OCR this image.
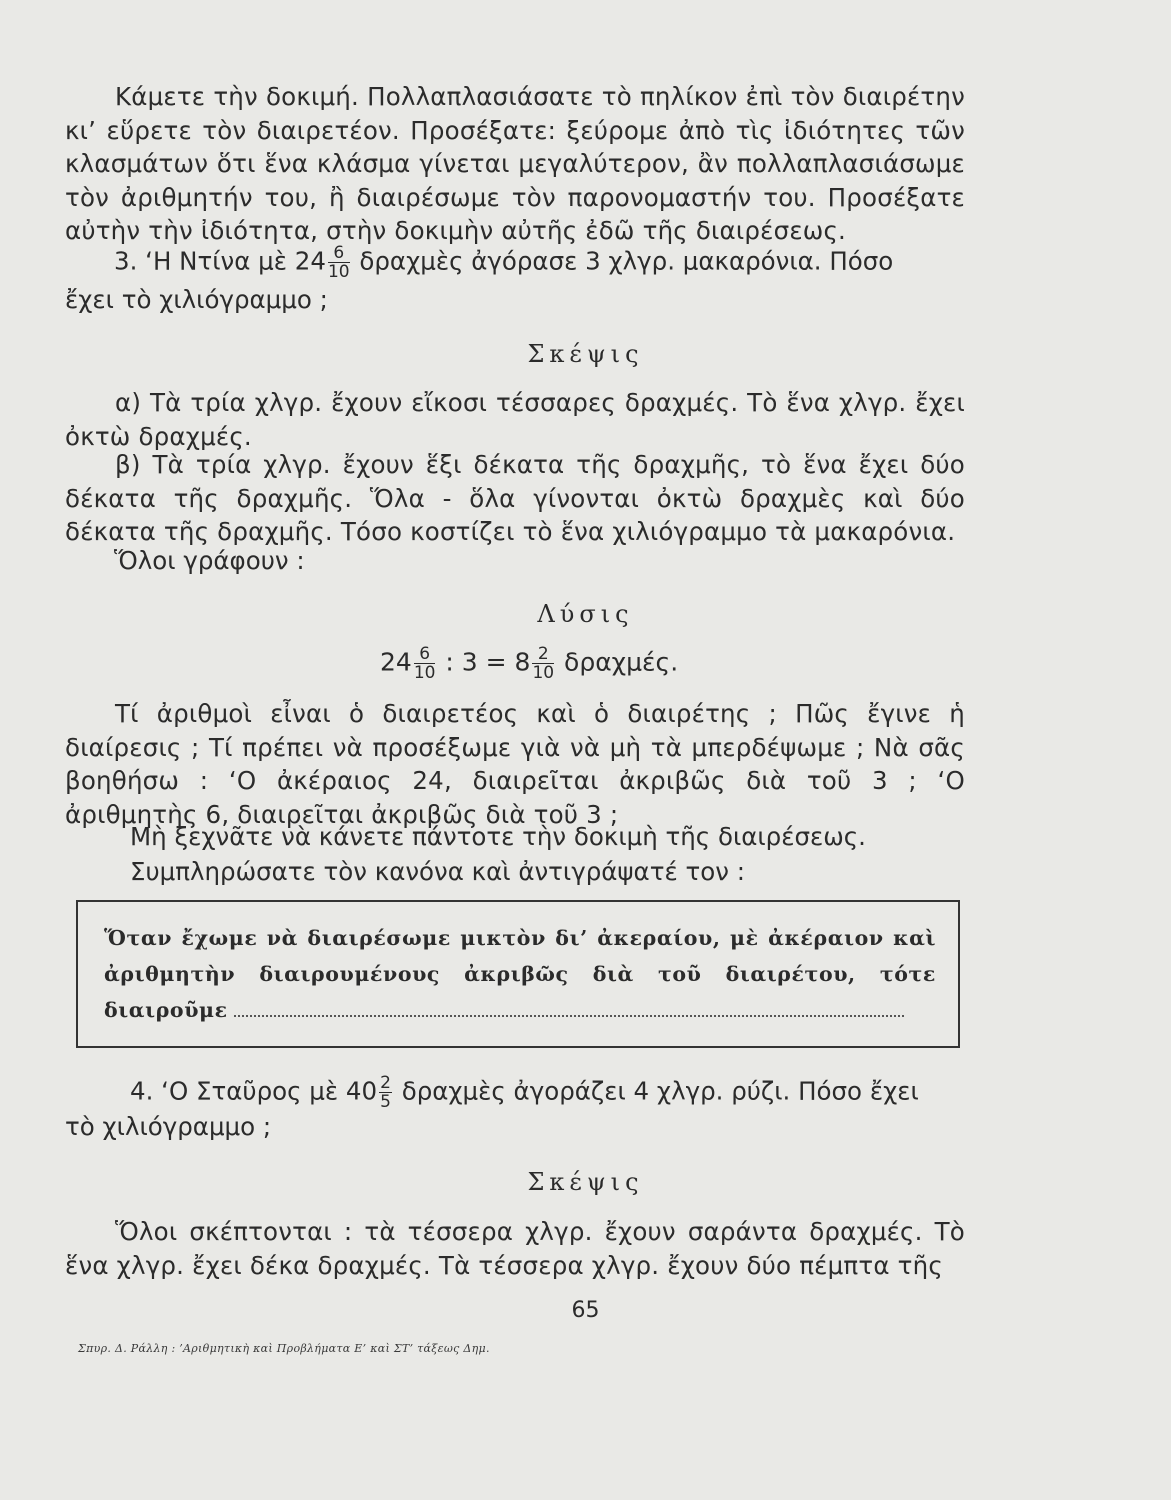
Κάμετε τὴν δοκιμή. Πολλαπλασιάσατε τὸ πηλίκον ἐπὶ τὸν διαιρέτην κι’ εὕρετε τὸν διαιρετέον. Προσέξατε: ξεύρομε ἀπὸ τὶς ἰδιότητες τῶν κλασμάτων ὅτι ἕνα κλάσμα γίνεται μεγαλύτερον, ἂν πολλαπλασιάσωμε τὸν ἀριθμητήν του, ἢ διαιρέσωμε τὸν παρονομαστήν του. Προσέξατε αὐτὴν τὴν ἰδιότητα, στὴν δοκιμὴν αὐτῆς ἐδῶ τῆς διαιρέσεως.
3. ‘Η Ντίνα μὲ $24 \frac{6}{10}$ δραχμὲς ἀγόρασε 3 χλγρ. μακαρόνια. Πόσο
ἔχει τὸ χιλιόγραμμο ;
Σκέψις
α) Τὰ τρία χλγρ. ἔχουν εἴκοσι τέσσαρες δραχμές. Τὸ ἕνα χλγρ. ἔχει ὀκτὼ δραχμές.
β) Τὰ τρία χλγρ. ἔχουν ἕξι δέκατα τῆς δραχμῆς, τὸ ἕνα ἔχει δύο δέκατα τῆς δραχμῆς. Ὅλα - ὅλα γίνονται ὀκτὼ δραχμὲς καὶ δύο δέκατα τῆς δραχμῆς. Τόσο κοστίζει τὸ ἕνα χιλιόγραμμο τὰ μακαρόνια.
Ὅλοι γράφουν :
Λύσις
$24 \frac{6}{10}$ : $3 = 8 \frac{2}{10} \delta\rho\alpha\chi\mu έ\varsigma$.
Τί ἀριθμοὶ εἶναι ὁ διαιρετέος καὶ ὁ διαιρέτης ; Πῶς ἔγινε ἡ διαίρεσις ; Τί πρέπει νὰ προσέξωμε γιὰ νὰ μὴ τὰ μπερδέψωμε ; Νὰ σᾶς βοηθήσω : ‘Ο ἀκέραιος 24, διαιρεῖται ἀκριβῶς διὰ τοῦ 3 ; ‘Ο ἀριθμητὴς 6, διαιρεῖται ἀκριβῶς διὰ τοῦ 3 ;
Μὴ ξεχνᾶτε νὰ κάνετε πάντοτε τὴν δοκιμὴ τῆς διαιρέσεως.
Συμπληρώσατε τὸν κανόνα καὶ ἀντιγράψατέ τον :
Ὅταν ἔχωμε νὰ διαιρέσωμε μικτὸν δι’ ἀκεραίου, μὲ ἀκέραιον καὶ ἀριθμητὴν διαιρουμένους ἀκριβῶς διὰ τοῦ διαιρέτου, τότε διαιροῦμε
4. ‘Ο Σταῦρος μὲ $40 \frac{2}{5}$ δραχμὲς ἀγοράζει 4 χλγρ. ρύζι. Πόσο ἔχει
τὸ χιλιόγραμμο ;
Σκέψις
Ὅλοι σκέπτονται : τὰ τέσσερα χλγρ. ἔχουν σαράντα δραχμές. Τὸ ἕνα χλγρ. ἔχει δέκα δραχμές. Τὰ τέσσερα χλγρ. ἔχουν δύο πέμπτα τῆς
65
Σπυρ. Δ. Ράλλη : ’Αριθμητικὴ καὶ Προβλήματα Ε’ καὶ ΣΤ’ τάξεως Δημ.
